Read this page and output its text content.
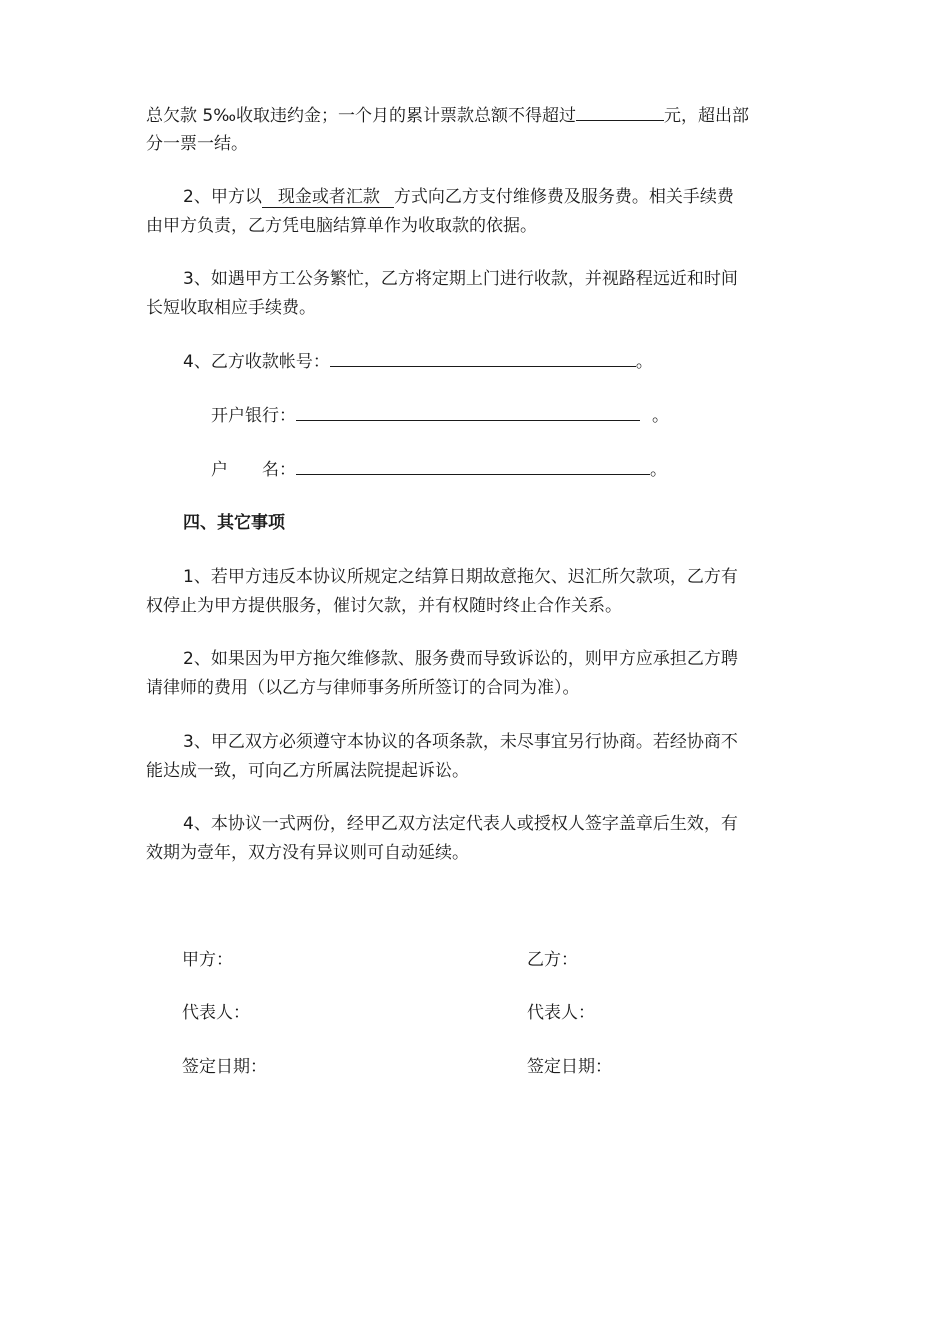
总欠款 5‰收取违约金；一个月的累计票款总额不得超过	元，超出部
分一票一结。
2、甲方以 现金或者汇款 方式向乙方支付维修费及服务费。相关手续费
由甲方负责，乙方凭电脑结算单作为收取款的依据。
3、如遇甲方工公务繁忙，乙方将定期上门进行收款，并视路程远近和时间
长短收取相应手续费。
4、乙方收款帐号：	。
开户银行：	。
户　　名：	。
四、其它事项
1、若甲方违反本协议所规定之结算日期故意拖欠、迟汇所欠款项，乙方有
权停止为甲方提供服务，催讨欠款，并有权随时终止合作关系。
2、如果因为甲方拖欠维修款、服务费而导致诉讼的，则甲方应承担乙方聘
请律师的费用（以乙方与律师事务所所签订的合同为准）。
3、甲乙双方必须遵守本协议的各项条款，未尽事宜另行协商。若经协商不
能达成一致，可向乙方所属法院提起诉讼。
4、本协议一式两份，经甲乙双方法定代表人或授权人签字盖章后生效，有
效期为壹年，双方没有异议则可自动延续。
甲方：	乙方：
代表人：	代表人：
签定日期：	签定日期：
